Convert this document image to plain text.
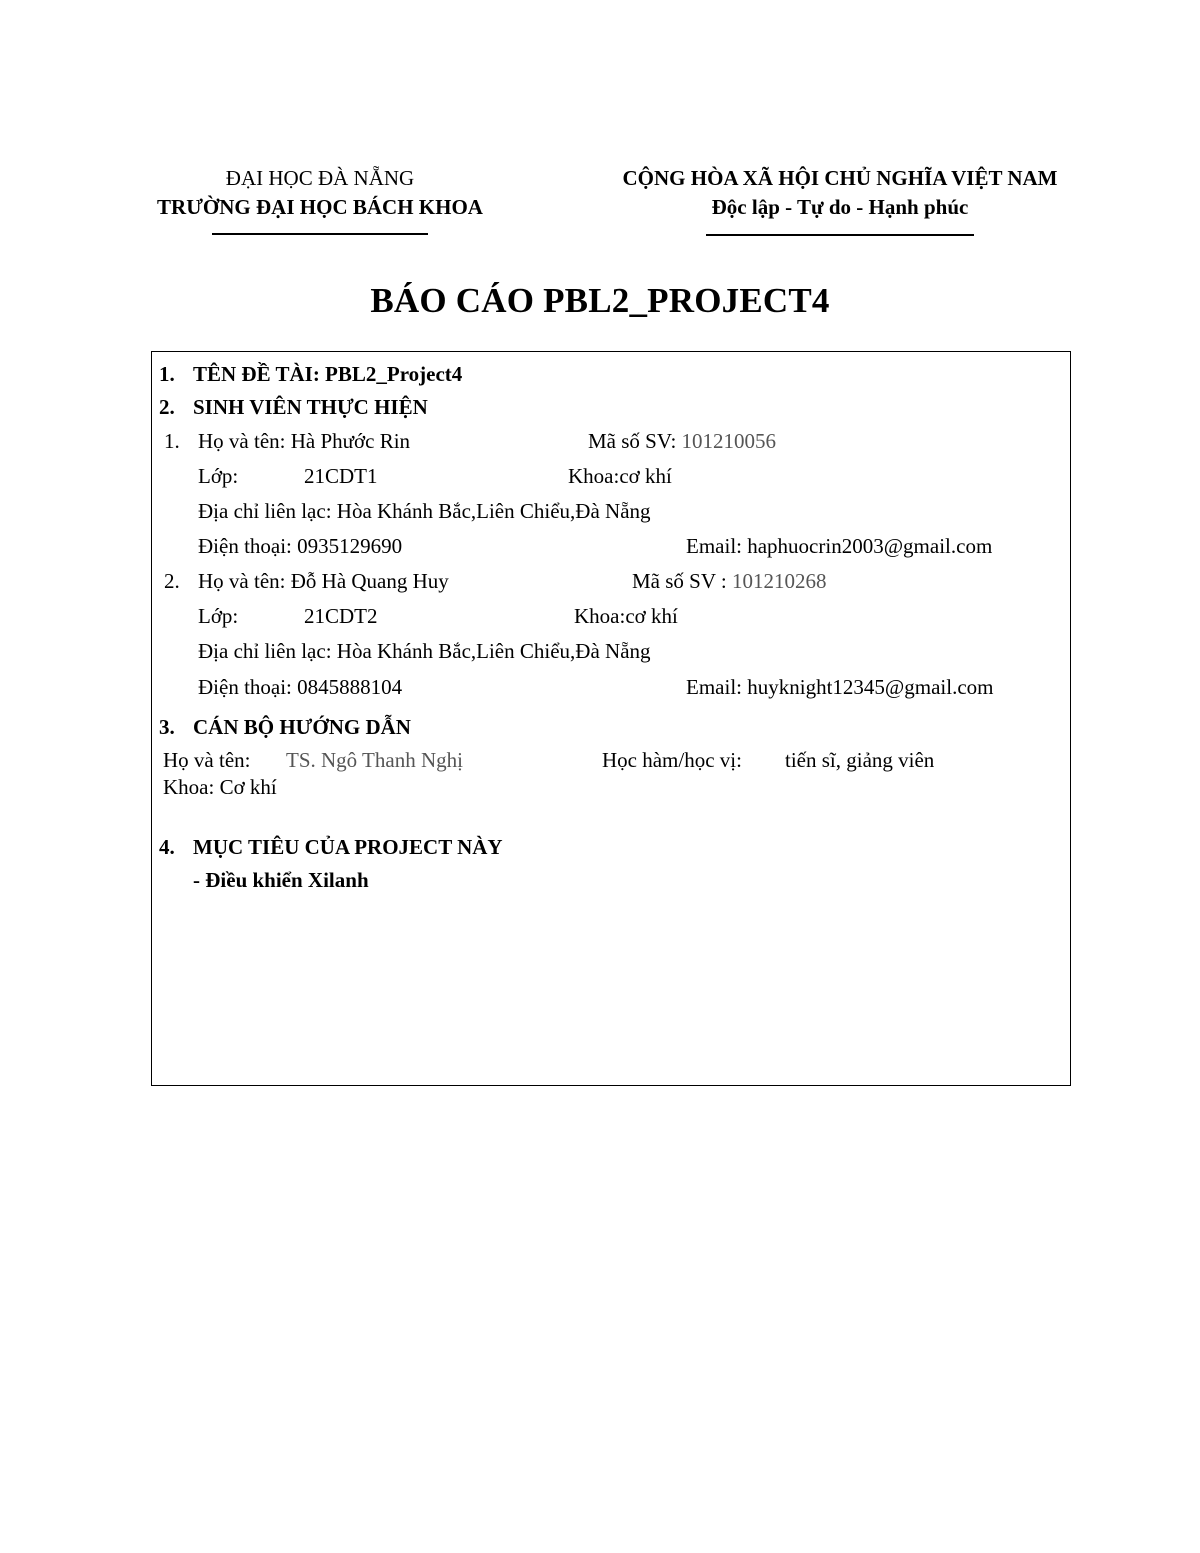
ĐẠI HỌC ĐÀ NẴNG
TRƯỜNG ĐẠI HỌC BÁCH KHOA
CỘNG HÒA XÃ HỘI CHỦ NGHĨA VIỆT NAM
Độc lập - Tự do - Hạnh phúc
BÁO CÁO PBL2_PROJECT4
1. TÊN ĐỀ TÀI: PBL2_Project4
2. SINH VIÊN THỰC HIỆN
1. Họ và tên: Hà Phước Rin	Mã số SV: 101210056
Lớp:	21CDT1	Khoa:cơ khí
Địa chỉ liên lạc: Hòa Khánh Bắc,Liên Chiểu,Đà Nẵng
Điện thoại: 0935129690	Email: haphuocrin2003@gmail.com
2. Họ và tên: Đỗ Hà Quang Huy	Mã số SV : 101210268
Lớp:	21CDT2	Khoa:cơ khí
Địa chỉ liên lạc: Hòa Khánh Bắc,Liên Chiểu,Đà Nẵng
Điện thoại: 0845888104	Email: huyknight12345@gmail.com
3. CÁN BỘ HƯỚNG DẪN
Họ và tên: TS. Ngô Thanh Nghị	Học hàm/học vị: tiến sĩ, giảng viên
Khoa: Cơ khí
4. MỤC TIÊU CỦA PROJECT NÀY
- Điều khiển Xilanh
